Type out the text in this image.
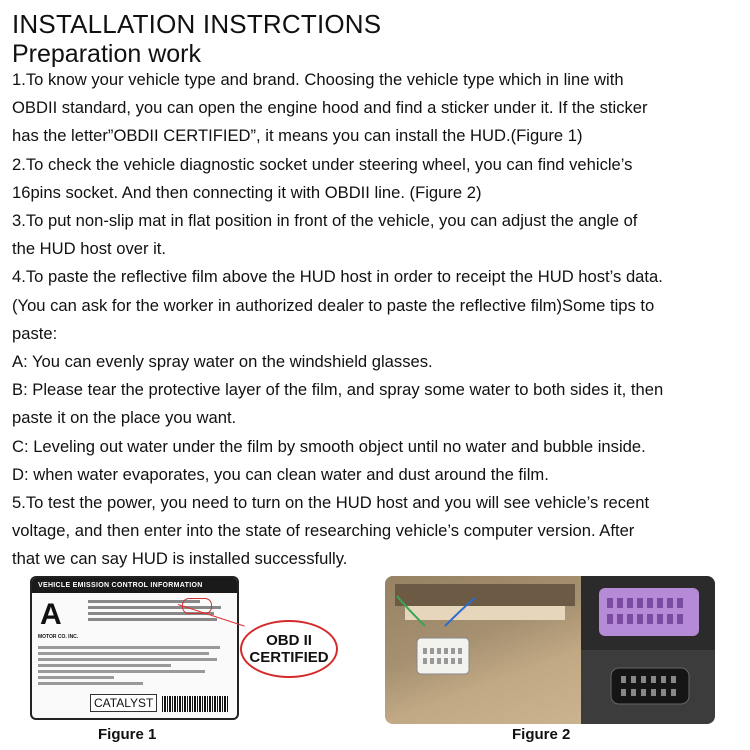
INSTALLATION INSTRCTIONS
Preparation work

1.To know your vehicle type and brand. Choosing the vehicle type which in line with

OBDII standard, you can open the engine hood and find a sticker under it. If the sticker

has the letter”OBDII CERTIFIED”, it means you can install the HUD.(Figure 1)

2.To check the vehicle diagnostic socket under steering wheel, you can find vehicle’s

16pins socket. And then connecting it with OBDII line. (Figure 2)

3.To put non-slip mat in flat position in front of the vehicle, you can adjust the angle of

the HUD host over it.

4.To paste the reflective film above the HUD host in order to receipt the HUD host’s data.

(You can ask for the worker in authorized dealer to paste the reflective film)Some tips to

paste:

A: You can evenly spray water on the windshield glasses.

B: Please tear the protective layer of the film, and spray some water to both sides it, then

paste it on the place you want.

C: Leveling out water under the film by smooth object until no water and bubble inside.

D: when water evaporates, you can clean water and dust around the film.

5.To test the power, you need to turn on the HUD host and you will see vehicle’s recent

voltage, and then enter into the state of researching vehicle’s computer version. After

that we can say HUD is installed successfully.

VEHICLE EMISSION CONTROL INFORMATION
A
MOTOR CO. INC.
CATALYST
OBD II
CERTIFIED
Figure 1	Figure 2
